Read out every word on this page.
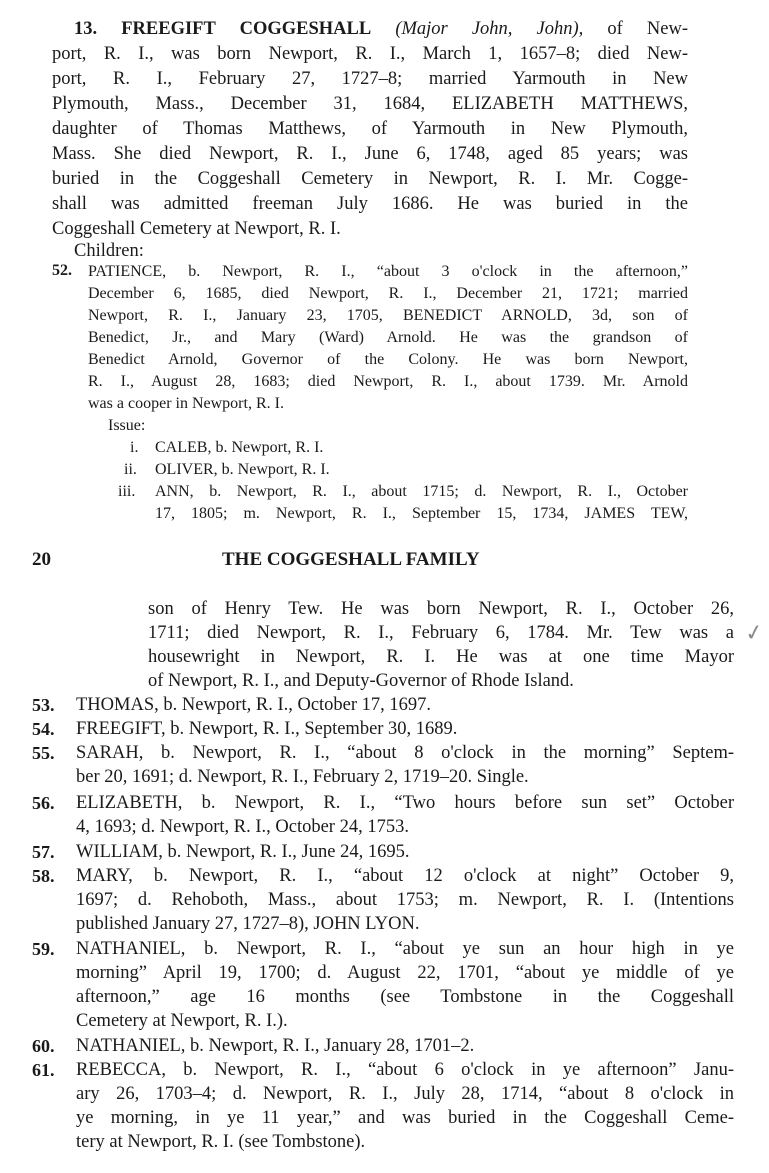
13. FREEGIFT COGGESHALL (Major John, John), of New-
port, R. I., was born Newport, R. I., March 1, 1657–8; died New-
port, R. I., February 27, 1727–8; married Yarmouth in New
Plymouth, Mass., December 31, 1684, ELIZABETH MATTHEWS,
daughter of Thomas Matthews, of Yarmouth in New Plymouth,
Mass. She died Newport, R. I., June 6, 1748, aged 85 years; was
buried in the Coggeshall Cemetery in Newport, R. I. Mr. Cogge-
shall was admitted freeman July 1686. He was buried in the
Coggeshall Cemetery at Newport, R. I.
Children:
52. PATIENCE, b. Newport, R. I., “about 3 o'clock in the afternoon,”
December 6, 1685, died Newport, R. I., December 21, 1721; married
Newport, R. I., January 23, 1705, BENEDICT ARNOLD, 3d, son of
Benedict, Jr., and Mary (Ward) Arnold. He was the grandson of
Benedict Arnold, Governor of the Colony. He was born Newport,
R. I., August 28, 1683; died Newport, R. I., about 1739. Mr. Arnold
was a cooper in Newport, R. I.
Issue:
i. CALEB, b. Newport, R. I.
ii. OLIVER, b. Newport, R. I.
iii. ANN, b. Newport, R. I., about 1715; d. Newport, R. I., October
17, 1805; m. Newport, R. I., September 15, 1734, JAMES TEW,
20	THE COGGESHALL FAMILY
son of Henry Tew. He was born Newport, R. I., October 26,
1711; died Newport, R. I., February 6, 1784. Mr. Tew was a
housewright in Newport, R. I. He was at one time Mayor
of Newport, R. I., and Deputy-Governor of Rhode Island.
✓
53. THOMAS, b. Newport, R. I., October 17, 1697.
54. FREEGIFT, b. Newport, R. I., September 30, 1689.
55. SARAH, b. Newport, R. I., “about 8 o'clock in the morning” Septem-
ber 20, 1691; d. Newport, R. I., February 2, 1719–20. Single.
56. ELIZABETH, b. Newport, R. I., “Two hours before sun set” October
4, 1693; d. Newport, R. I., October 24, 1753.
57. WILLIAM, b. Newport, R. I., June 24, 1695.
58. MARY, b. Newport, R. I., “about 12 o'clock at night” October 9,
1697; d. Rehoboth, Mass., about 1753; m. Newport, R. I. (Intentions
published January 27, 1727–8), JOHN LYON.
59. NATHANIEL, b. Newport, R. I., “about ye sun an hour high in ye
morning” April 19, 1700; d. August 22, 1701, “about ye middle of ye
afternoon,” age 16 months (see Tombstone in the Coggeshall
Cemetery at Newport, R. I.).
60. NATHANIEL, b. Newport, R. I., January 28, 1701–2.
61. REBECCA, b. Newport, R. I., “about 6 o'clock in ye afternoon” Janu-
ary 26, 1703–4; d. Newport, R. I., July 28, 1714, “about 8 o'clock in
ye morning, in ye 11 year,” and was buried in the Coggeshall Ceme-
tery at Newport, R. I. (see Tombstone).
